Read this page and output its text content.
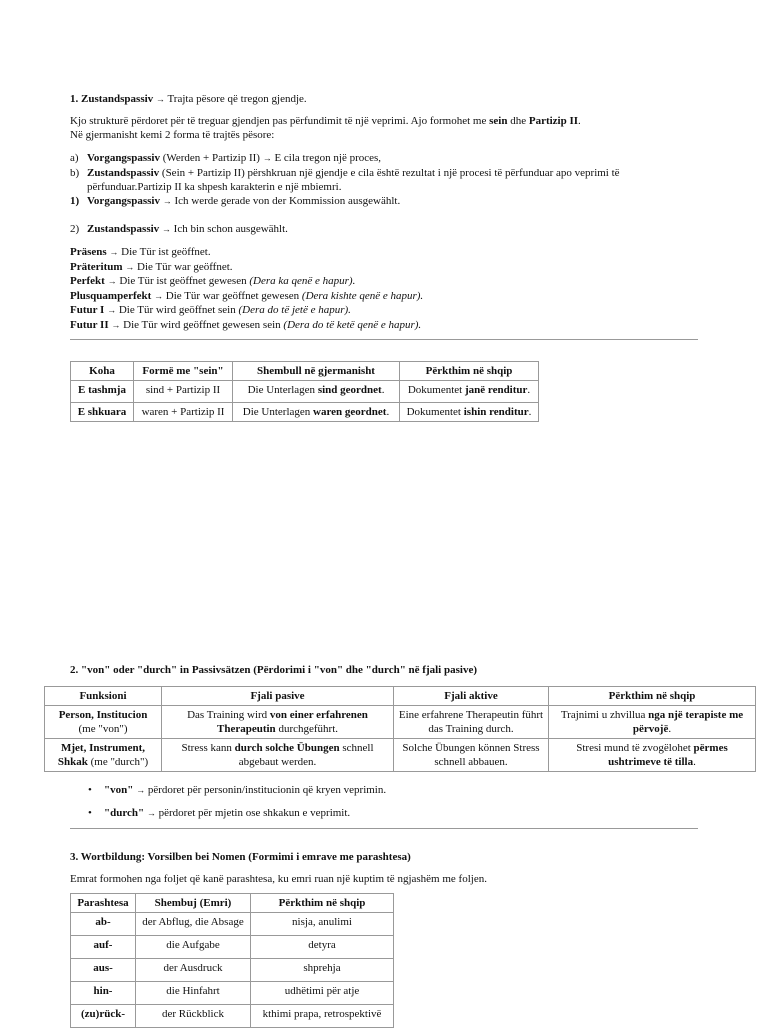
1. Zustandspassiv → Trajta pësore që tregon gjendje.
Kjo strukturë përdoret për të treguar gjendjen pas përfundimit të një veprimi. Ajo formohet me sein dhe Partizip II.
Në gjermanisht kemi 2 forma të trajtës pësore:
a) Vorgangspassiv (Werden + Partizip II) → E cila tregon një proces,
b) Zustandspassiv (Sein + Partizip II) përshkruan një gjendje e cila është rezultat i një procesi të përfunduar apo veprimi të
përfunduar.Partizip II ka shpesh karakterin e një mbiemri.
1) Vorgangspassiv → Ich werde gerade von der Kommission ausgewählt.
2) Zustandspassiv → Ich bin schon ausgewählt.
Präsens → Die Tür ist geöffnet.
Präteritum → Die Tür war geöffnet.
Perfekt → Die Tür ist geöffnet gewesen (Dera ka qenë e hapur).
Plusquamperfekt → Die Tür war geöffnet gewesen (Dera kishte qenë e hapur).
Futur I → Die Tür wird geöffnet sein (Dera do të jetë e hapur).
Futur II → Die Tür wird geöffnet gewesen sein (Dera do të ketë qenë e hapur).
Koha	Formë me "sein"	Shembull në gjermanisht	Përkthim në shqip
E tashmja	sind + Partizip II	Die Unterlagen sind geordnet.	Dokumentet janë renditur.
E shkuara	waren + Partizip II	Die Unterlagen waren geordnet.	Dokumentet ishin renditur.
2. "von" oder "durch" in Passivsätzen (Përdorimi i "von" dhe "durch" në fjali pasive)
Funksioni	Fjali pasive	Fjali aktive	Përkthim në shqip
Person, Institucion
(me "von")	Das Training wird von einer erfahrenen Therapeutin durchgeführt.	Eine erfahrene Therapeutin führt das Training durch.	Trajnimi u zhvillua nga një terapiste me përvojë.
Mjet, Instrument, Shkak (me "durch")	Stress kann durch solche Übungen schnell abgebaut werden.	Solche Übungen können Stress schnell abbauen.	Stresi mund të zvogëlohet përmes ushtrimeve të tilla.
• "von" → përdoret për personin/institucionin që kryen veprimin.
• "durch" → përdoret për mjetin ose shkakun e veprimit.
3. Wortbildung: Vorsilben bei Nomen (Formimi i emrave me parashtesa)
Emrat formohen nga foljet që kanë parashtesa, ku emri ruan një kuptim të ngjashëm me foljen.
Parashtesa	Shembuj (Emri)	Përkthim në shqip
ab-	der Abflug, die Absage	nisja, anulimi
auf-	die Aufgabe	detyra
aus-	der Ausdruck	shprehja
hin-	die Hinfahrt	udhëtimi për atje
(zu)rück-	der Rückblick	kthimi prapa, retrospektivë
